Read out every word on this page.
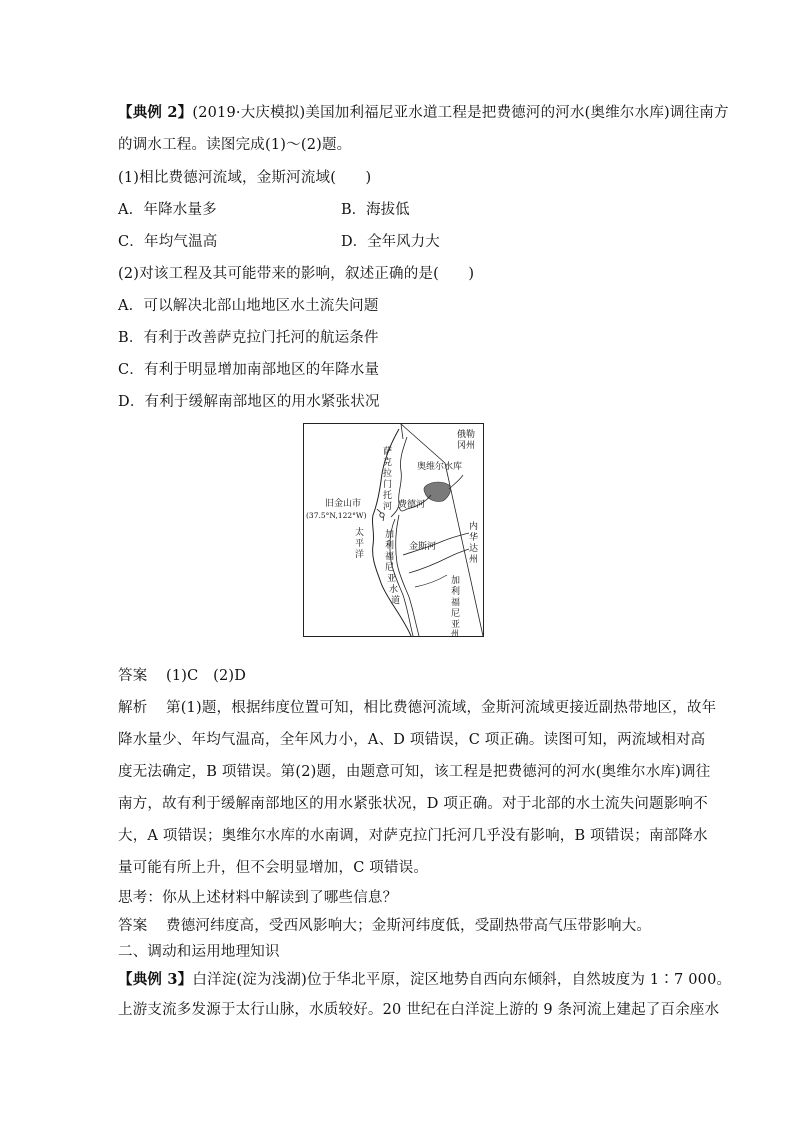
【典例 2】(2019·大庆模拟)美国加利福尼亚水道工程是把费德河的河水(奥维尔水库)调往南方
的调水工程。读图完成(1)～(2)题。
(1)相比费德河流域，金斯河流域(　　)
A．年降水量多	B．海拔低
C．年均气温高	D．全年风力大
(2)对该工程及其可能带来的影响，叙述正确的是(　　)
A．可以解决北部山地地区水土流失问题
B．有利于改善萨克拉门托河的航运条件
C．有利于明显增加南部地区的年降水量
D．有利于缓解南部地区的用水紧张状况
俄勒
冈州
奥维尔水库
萨
克
拉
门
托
河 费德河
旧金山市
(37.5°N,122°W)
内
华
达
州
太
平
洋
加
利
福
尼
亚
水
道
金斯河
加
利
福
尼
亚
州
答案 (1)C　(2)D
解析 第(1)题，根据纬度位置可知，相比费德河流域，金斯河流域更接近副热带地区，故年
降水量少、年均气温高，全年风力小，A、D 项错误，C 项正确。读图可知，两流域相对高
度无法确定，B 项错误。第(2)题，由题意可知，该工程是把费德河的河水(奥维尔水库)调往
南方，故有利于缓解南部地区的用水紧张状况，D 项正确。对于北部的水土流失问题影响不
大，A 项错误；奥维尔水库的水南调，对萨克拉门托河几乎没有影响，B 项错误；南部降水
量可能有所上升，但不会明显增加，C 项错误。
思考：你从上述材料中解读到了哪些信息？
答案 费德河纬度高，受西风影响大；金斯河纬度低，受副热带高气压带影响大。
二、调动和运用地理知识
【典例 3】白洋淀(淀为浅湖)位于华北平原，淀区地势自西向东倾斜，自然坡度为 1∶7 000。
上游支流多发源于太行山脉，水质较好。20 世纪在白洋淀上游的 9 条河流上建起了百余座水
